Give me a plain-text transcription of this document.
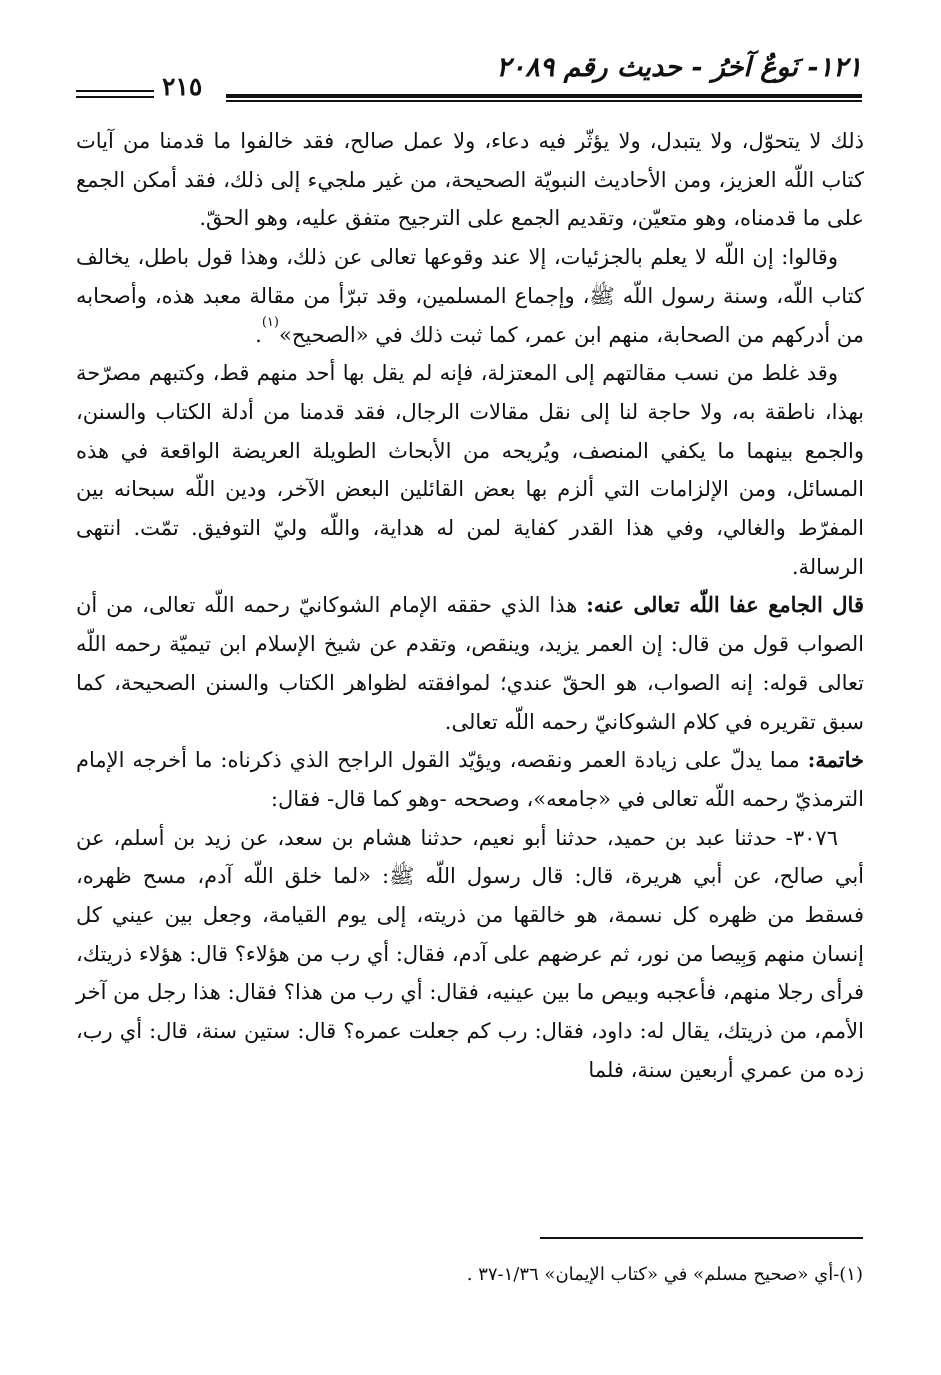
١٢١- نَوعٌ آخرُ - حديث رقم ٢٠٨٩
٢١٥

ذلك لا يتحوّل، ولا يتبدل، ولا يؤثّر فيه دعاء، ولا عمل صالح، فقد خالفوا ما قدمنا من آيات كتاب اللّه العزيز، ومن الأحاديث النبويّة الصحيحة، من غير ملجيء إلى ذلك، فقد أمكن الجمع على ما قدمناه، وهو متعيّن، وتقديم الجمع على الترجيح متفق عليه، وهو الحقّ.

وقالوا: إن اللّه لا يعلم بالجزئيات، إلا عند وقوعها تعالى عن ذلك، وهذا قول باطل، يخالف كتاب اللّه، وسنة رسول اللّه ﷺ، وإجماع المسلمين، وقد تبرّأ من مقالة معبد هذه، وأصحابه من أدركهم من الصحابة، منهم ابن عمر، كما ثبت ذلك في «الصحيح»$^{(١)}$.

وقد غلط من نسب مقالتهم إلى المعتزلة، فإنه لم يقل بها أحد منهم قط، وكتبهم مصرّحة بهذا، ناطقة به، ولا حاجة لنا إلى نقل مقالات الرجال، فقد قدمنا من أدلة الكتاب والسنن، والجمع بينهما ما يكفي المنصف، ويُريحه من الأبحاث الطويلة العريضة الواقعة في هذه المسائل، ومن الإلزامات التي ألزم بها بعض القائلين البعض الآخر، ودين اللّه سبحانه بين المفرّط والغالي، وفي هذا القدر كفاية لمن له هداية، واللّه وليّ التوفيق. تمّت. انتهى الرسالة.

قال الجامع عفا اللّه تعالى عنه: هذا الذي حققه الإمام الشوكانيّ رحمه اللّه تعالى، من أن الصواب قول من قال: إن العمر يزيد، وينقص، وتقدم عن شيخ الإسلام ابن تيميّة رحمه اللّه تعالى قوله: إنه الصواب، هو الحقّ عندي؛ لموافقته لظواهر الكتاب والسنن الصحيحة، كما سبق تقريره في كلام الشوكانيّ رحمه اللّه تعالى.

خاتمة: مما يدلّ على زيادة العمر ونقصه، ويؤيّد القول الراجح الذي ذكرناه: ما أخرجه الإمام الترمذيّ رحمه اللّه تعالى في «جامعه»، وصححه -وهو كما قال- فقال:

٣٠٧٦- حدثنا عبد بن حميد، حدثنا أبو نعيم، حدثنا هشام بن سعد، عن زيد بن أسلم، عن أبي صالح، عن أبي هريرة، قال: قال رسول اللّه ﷺ: «لما خلق اللّه آدم، مسح ظهره، فسقط من ظهره كل نسمة، هو خالقها من ذريته، إلى يوم القيامة، وجعل بين عيني كل إنسان منهم وَبِيصا من نور، ثم عرضهم على آدم، فقال: أي رب من هؤلاء؟ قال: هؤلاء ذريتك، فرأى رجلا منهم، فأعجبه وبيص ما بين عينيه، فقال: أي رب من هذا؟ فقال: هذا رجل من آخر الأمم، من ذريتك، يقال له: داود، فقال: رب كم جعلت عمره؟ قال: ستين سنة، قال: أي رب، زده من عمري أربعين سنة، فلما

(١)-أي «صحيح مسلم» في «كتاب الإيمان» ١/٣٦-٣٧ .
